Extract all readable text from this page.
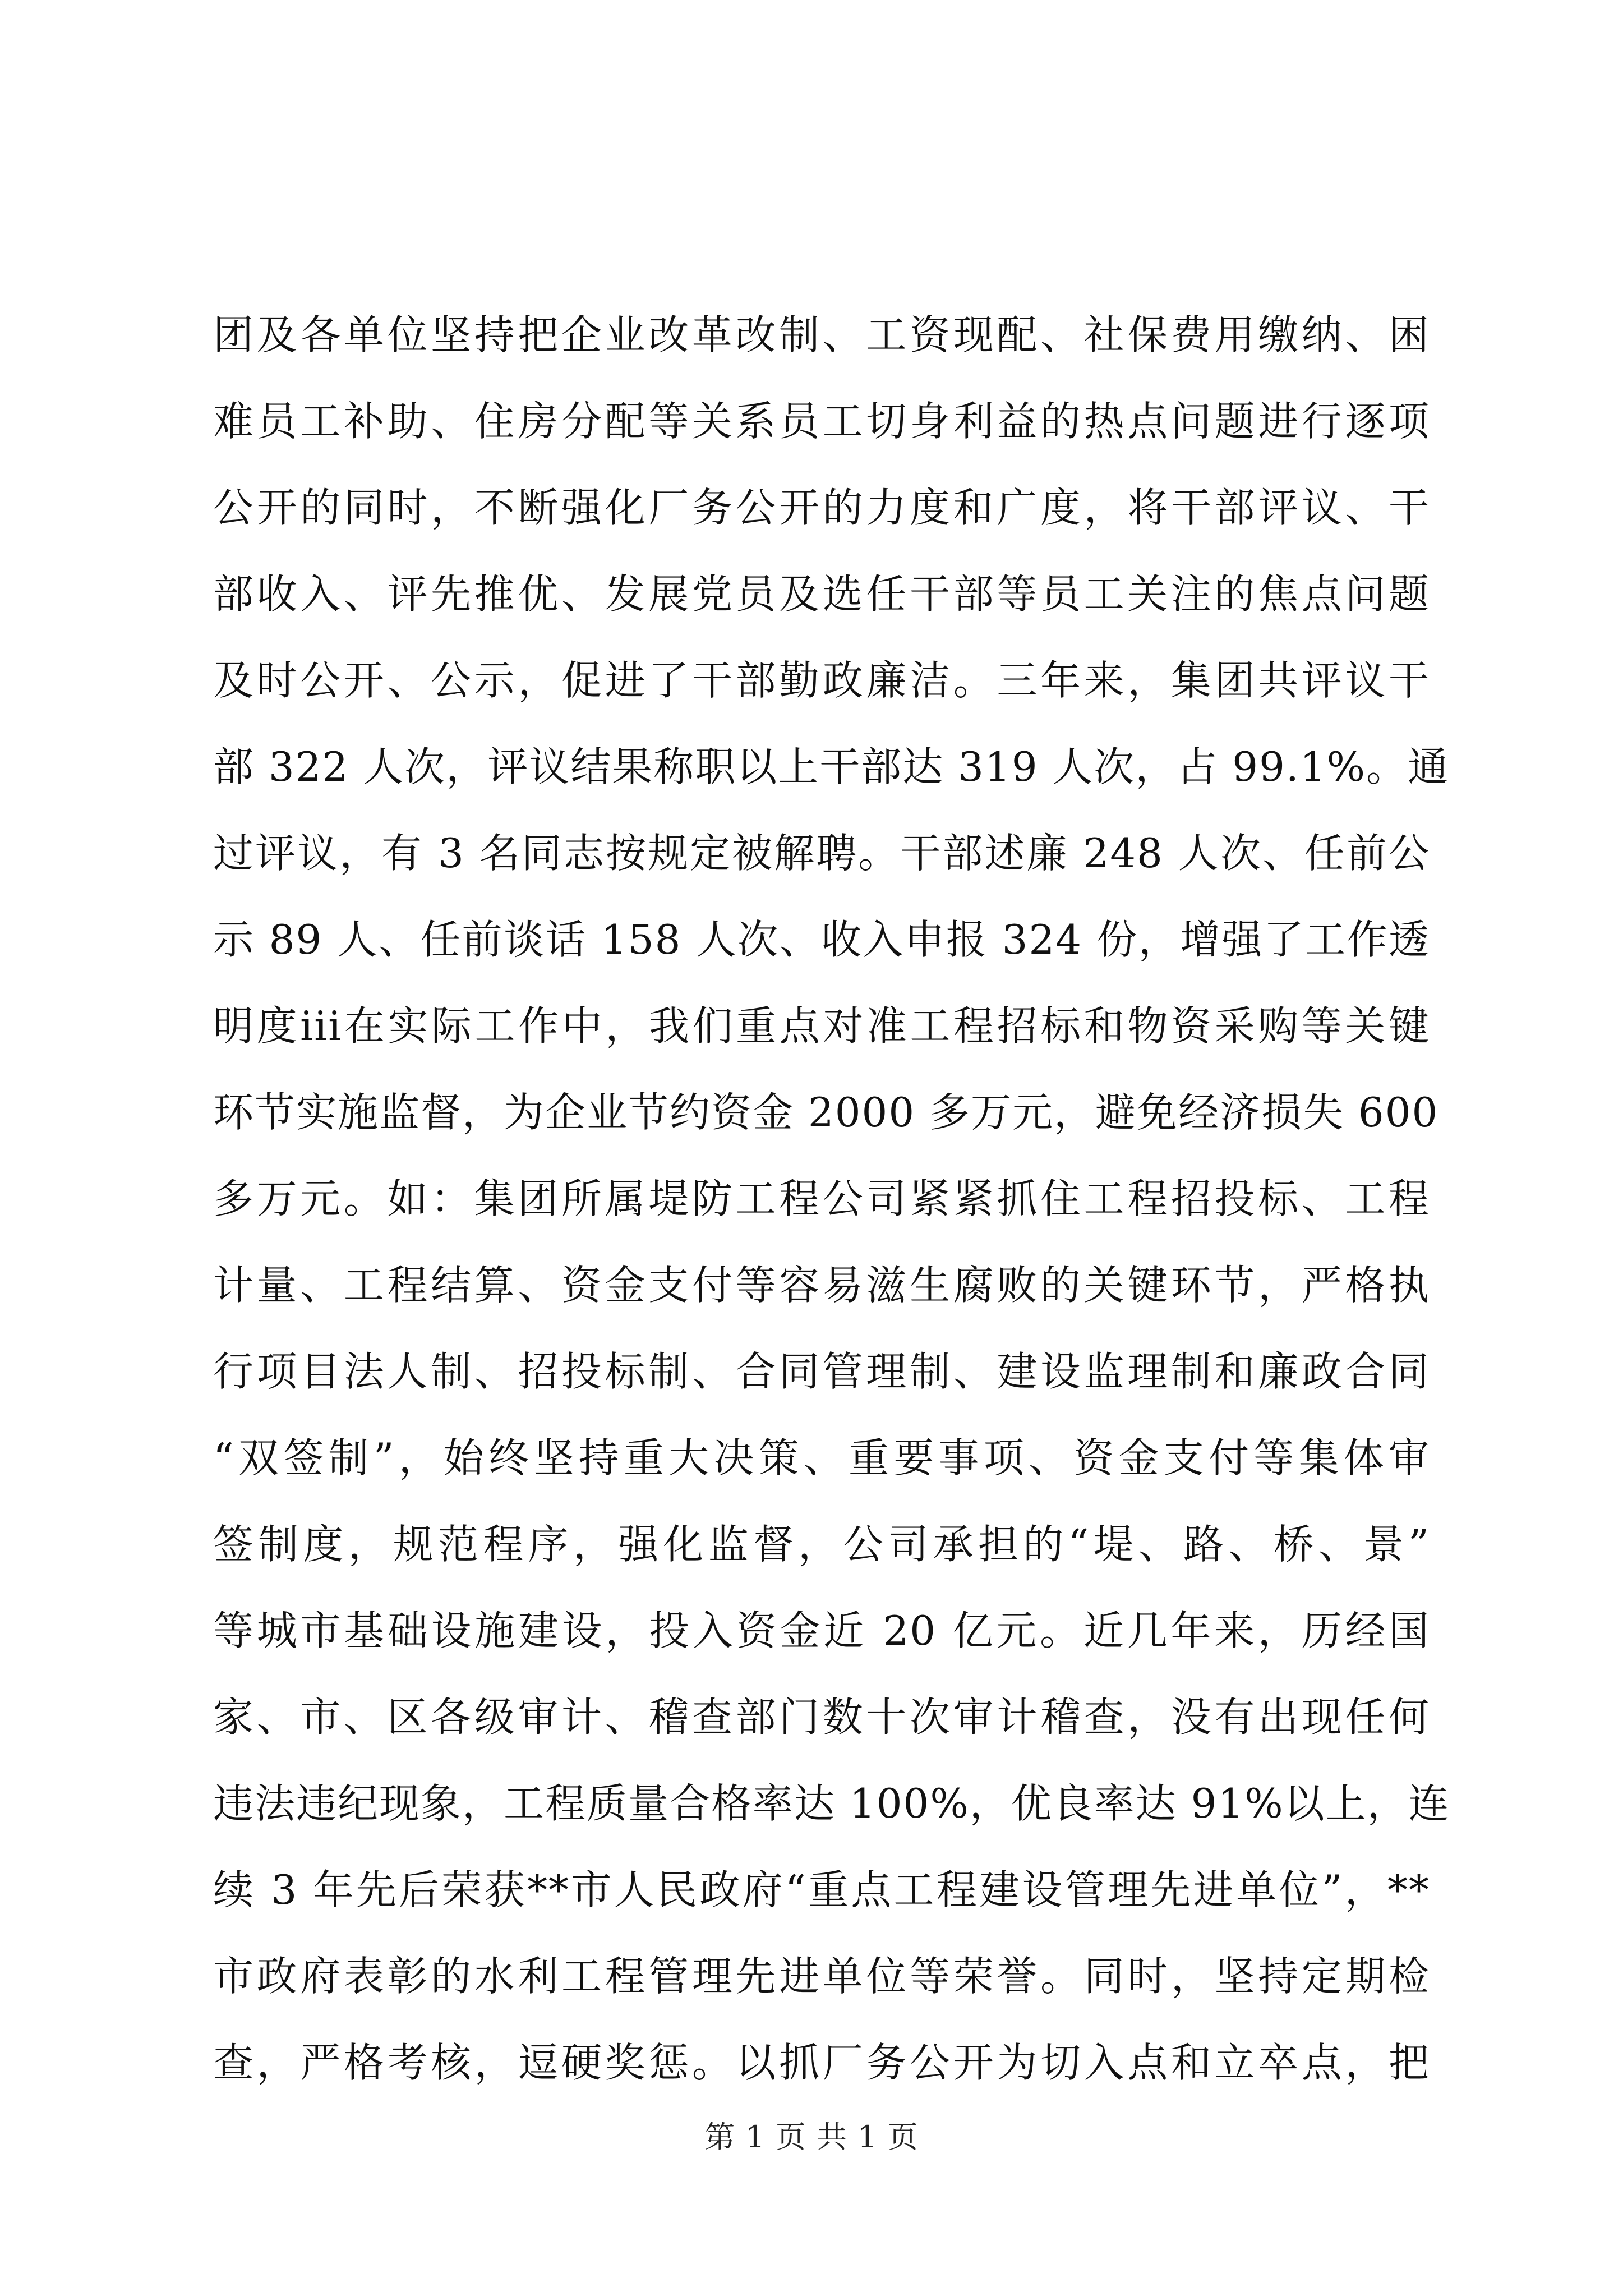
团及各单位坚持把企业改革改制、工资现配、社保费用缴纳、困
难员工补助、住房分配等关系员工切身利益的热点问题进行逐项
公开的同时，不断强化厂务公开的力度和广度，将干部评议、干
部收入、评先推优、发展党员及选任干部等员工关注的焦点问题
及时公开、公示，促进了干部勤政廉洁。三年来，集团共评议干
部 322 人次，评议结果称职以上干部达 319 人次，占 99.1%。通
过评议，有 3 名同志按规定被解聘。干部述廉 248 人次、任前公
示 89 人、任前谈话 158 人次、收入申报 324 份，增强了工作透
明度iii在实际工作中，我们重点对准工程招标和物资采购等关键
环节实施监督，为企业节约资金 2000 多万元，避免经济损失 600
多万元。如：集团所属堤防工程公司紧紧抓住工程招投标、工程
计量、工程结算、资金支付等容易滋生腐败的关键环节，严格执
行项目法人制、招投标制、合同管理制、建设监理制和廉政合同
“双签制”，始终坚持重大决策、重要事项、资金支付等集体审
签制度，规范程序，强化监督，公司承担的“堤、路、桥、景”
等城市基础设施建设，投入资金近 20 亿元。近几年来，历经国
家、市、区各级审计、稽查部门数十次审计稽查，没有出现任何
违法违纪现象，工程质量合格率达 100%，优良率达 91%以上，连
续 3 年先后荣获**市人民政府“重点工程建设管理先进单位”，**
市政府表彰的水利工程管理先进单位等荣誉。同时，坚持定期检
查，严格考核，逗硬奖惩。以抓厂务公开为切入点和立卒点，把
第 1 页 共 1 页
